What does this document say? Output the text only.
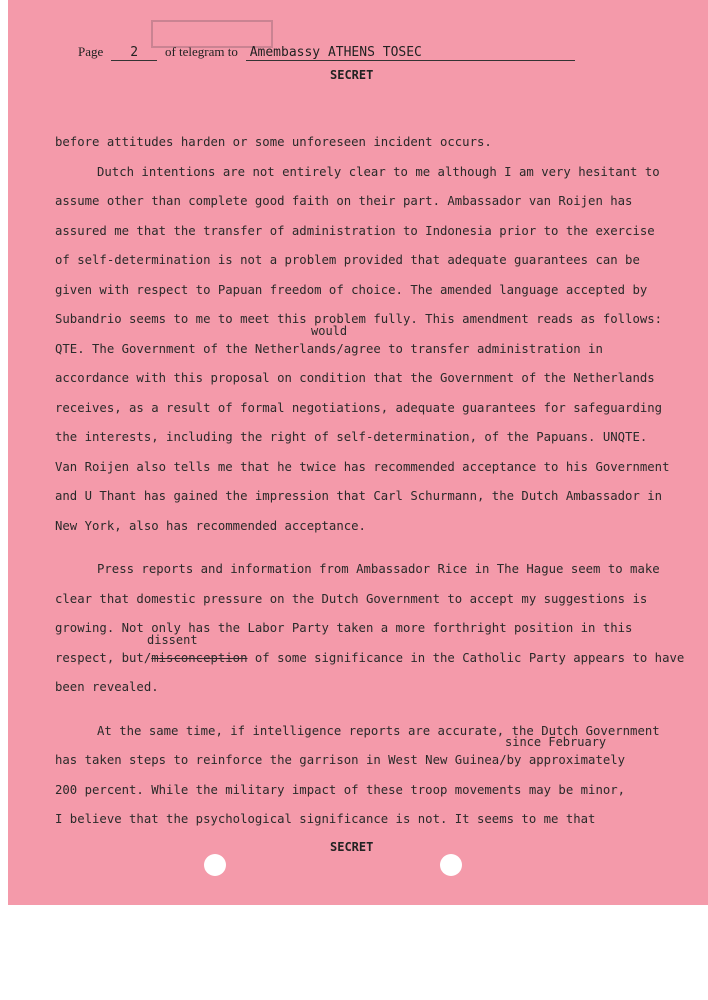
Page 2 of telegram to Amembassy ATHENS TOSEC
SECRET

before attitudes harden or some unforeseen incident occurs.

Dutch intentions are not entirely clear to me although I am very hesitant to

assume other than complete good faith on their part. Ambassador van Roijen has

assured me that the transfer of administration to Indonesia prior to the exercise

of self-determination is not a problem provided that adequate guarantees can be

given with respect to Papuan freedom of choice. The amended language accepted by

Subandrio seems to me to meet this problem fully. This amendment reads as follows:

would
QTE. The Government of the Netherlands/agree to transfer administration in

accordance with this proposal on condition that the Government of the Netherlands

receives, as a result of formal negotiations, adequate guarantees for safeguarding

the interests, including the right of self-determination, of the Papuans. UNQTE.

Van Roijen also tells me that he twice has recommended acceptance to his Government

and U Thant has gained the impression that Carl Schurmann, the Dutch Ambassador in

New York, also has recommended acceptance.

Press reports and information from Ambassador Rice in The Hague seem to make

clear that domestic pressure on the Dutch Government to accept my suggestions is

growing. Not only has the Labor Party taken a more forthright position in this

dissent
respect, but/misconception of some significance in the Catholic Party appears to have

been revealed.

At the same time, if intelligence reports are accurate, the Dutch Government

since February
has taken steps to reinforce the garrison in West New Guinea/by approximately

200 percent. While the military impact of these troop movements may be minor,

I believe that the psychological significance is not. It seems to me that

SECRET
